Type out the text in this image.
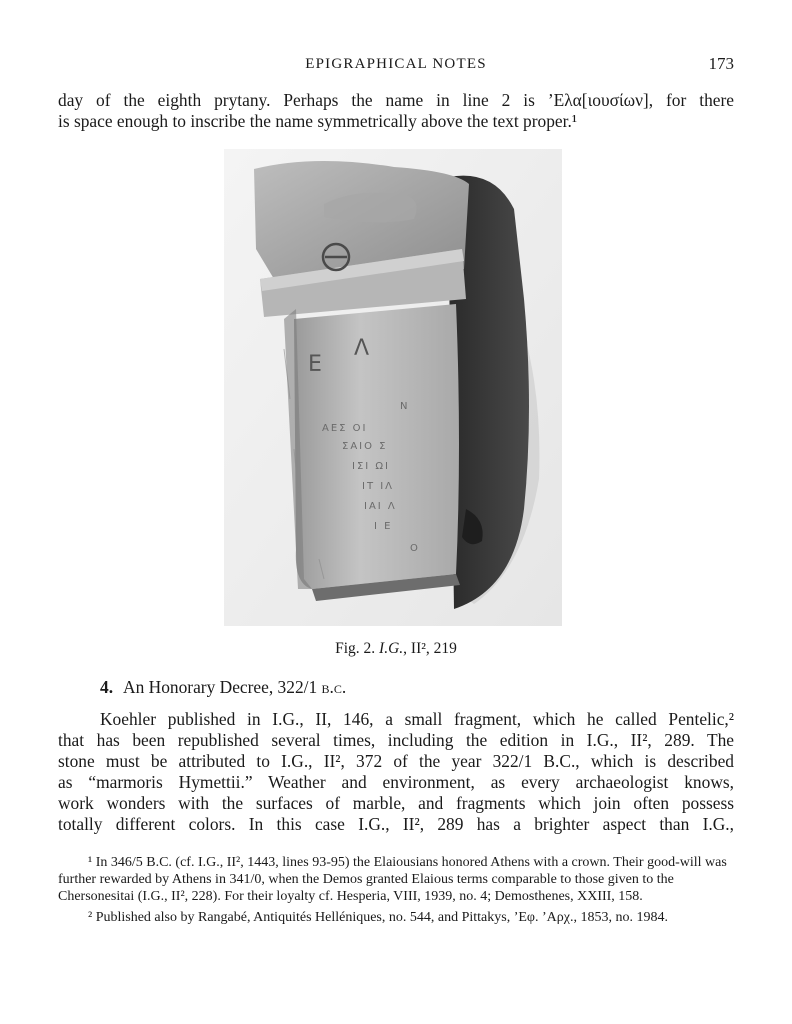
EPIGRAPHICAL NOTES	173
day of the eighth prytany. Perhaps the name in line 2 is ’Ελα[ιουσίων], for there
is space enough to inscribe the name symmetrically above the text proper.¹
Ε
Λ
Ν
ΑΕΣ ΟΙ
ΣΑΙΟ Σ
ΙΣΙ ΩΙ
ΙΤ ΙΛ
ΙΑΙ Λ
Ι Ε
Ο
Fig. 2. I.G., II², 219
4. An Honorary Decree, 322/1 b.c.
Koehler published in I.G., II, 146, a small fragment, which he called Pentelic,²
that has been republished several times, including the edition in I.G., II², 289. The
stone must be attributed to I.G., II², 372 of the year 322/1 B.C., which is described
as “marmoris Hymettii.” Weather and environment, as every archaeologist knows,
work wonders with the surfaces of marble, and fragments which join often possess
totally different colors. In this case I.G., II², 289 has a brighter aspect than I.G.,

¹ In 346/5 B.C. (cf. I.G., II², 1443, lines 93-95) the Elaiousians honored Athens with a crown. Their good-will was further rewarded by Athens in 341/0, when the Demos granted Elaious terms comparable to those given to the Chersonesitai (I.G., II², 228). For their loyalty cf. Hesperia, VIII, 1939, no. 4; Demosthenes, XXIII, 158.

² Published also by Rangabé, Antiquités Helléniques, no. 544, and Pittakys, ’Εφ. ’Αρχ., 1853, no. 1984.
